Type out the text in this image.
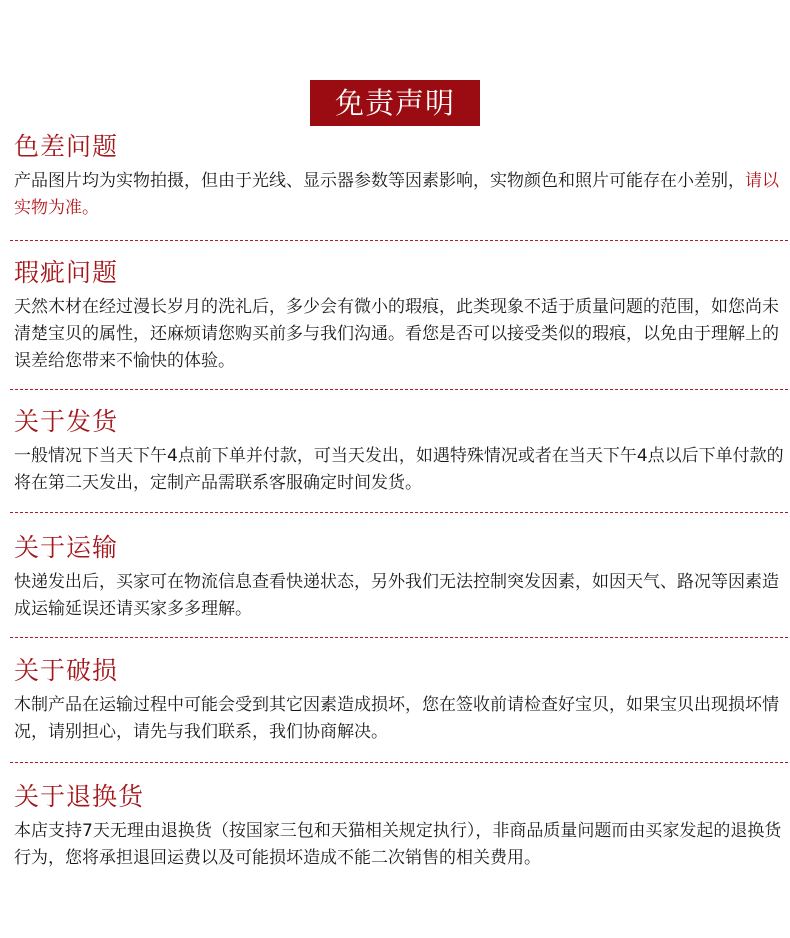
免责声明
色差问题

产品图片均为实物拍摄，但由于光线、显示器参数等因素影响，实物颜色和照片可能存在小差别，请以实物为准。

瑕疵问题

天然木材在经过漫长岁月的洗礼后，多少会有微小的瑕痕，此类现象不适于质量问题的范围，如您尚未清楚宝贝的属性，还麻烦请您购买前多与我们沟通。看您是否可以接受类似的瑕痕，以免由于理解上的误差给您带来不愉快的体验。

关于发货

一般情况下当天下午4点前下单并付款，可当天发出，如遇特殊情况或者在当天下午4点以后下单付款的将在第二天发出，定制产品需联系客服确定时间发货。

关于运输

快递发出后，买家可在物流信息查看快递状态，另外我们无法控制突发因素，如因天气、路况等因素造成运输延误还请买家多多理解。

关于破损

木制产品在运输过程中可能会受到其它因素造成损坏，您在签收前请检查好宝贝，如果宝贝出现损坏情况，请别担心，请先与我们联系，我们协商解决。

关于退换货

本店支持7天无理由退换货（按国家三包和天猫相关规定执行），非商品质量问题而由买家发起的退换货行为，您将承担退回运费以及可能损坏造成不能二次销售的相关费用。
